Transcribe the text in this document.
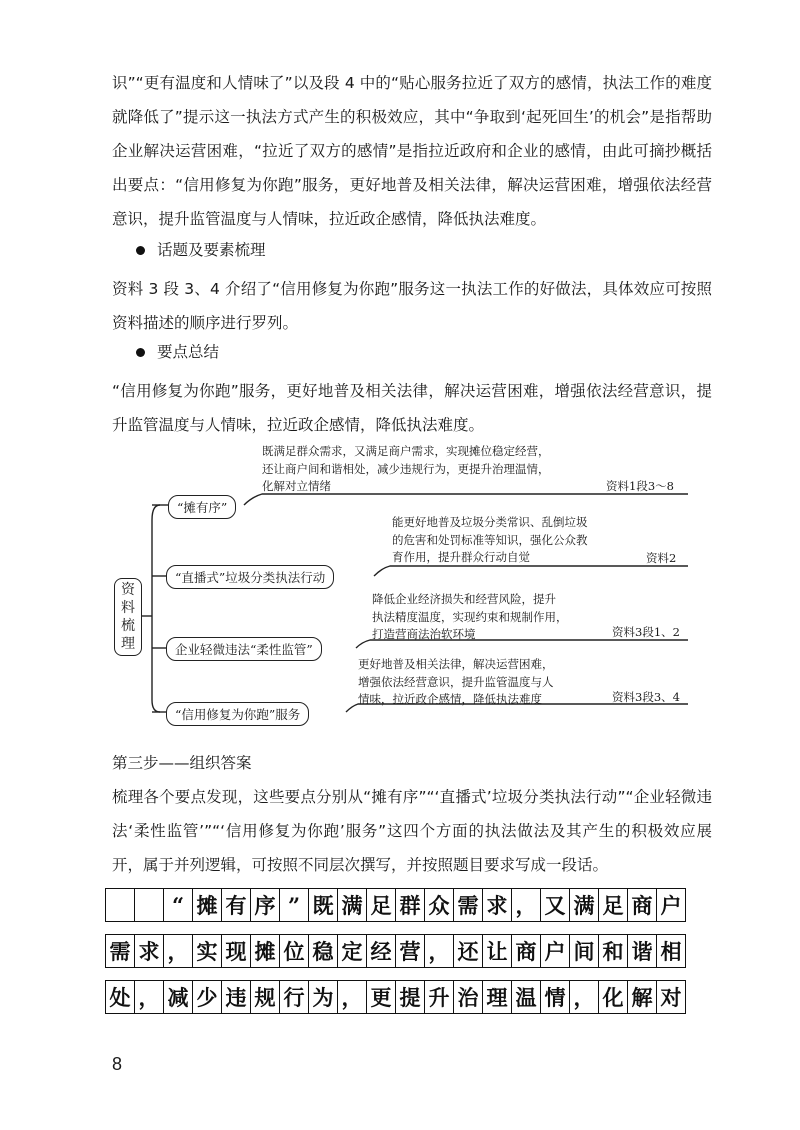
识”“更有温度和人情味了”以及段 4 中的“贴心服务拉近了双方的感情，执法工作的难度就降低了”提示这一执法方式产生的积极效应，其中“争取到‘起死回生’的机会”是指帮助企业解决运营困难，“拉近了双方的感情”是指拉近政府和企业的感情，由此可摘抄概括出要点：“信用修复为你跑”服务，更好地普及相关法律，解决运营困难，增强依法经营意识，提升监管温度与人情味，拉近政企感情，降低执法难度。

话题及要素梳理

资料 3 段 3、4 介绍了“信用修复为你跑”服务这一执法工作的好做法，具体效应可按照资料描述的顺序进行罗列。

要点总结

“信用修复为你跑”服务，更好地普及相关法律，解决运营困难，增强依法经营意识，提升监管温度与人情味，拉近政企感情，降低执法难度。

资
料
梳
理
既满足群众需求，又满足商户需求，实现摊位稳定经营，
还让商户间和谐相处，减少违规行为，更提升治理温情，
化解对立情绪	资料1段3～8
“摊有序”
能更好地普及垃圾分类常识、乱倒垃圾
的危害和处罚标准等知识，强化公众教
育作用，提升群众行动自觉	资料2
“直播式”垃圾分类执法行动
降低企业经济损失和经营风险，提升
执法精度温度，实现约束和规制作用，
打造营商法治软环境	资料3段1、2
企业轻微违法“柔性监管”
更好地普及相关法律，解决运营困难，
增强依法经营意识，提升监管温度与人
情味，拉近政企感情，降低执法难度	资料3段3、4
“信用修复为你跑”服务
第三步——组织答案

梳理各个要点发现，这些要点分别从“摊有序”“‘直播式’垃圾分类执法行动”“企业轻微违法‘柔性监管’”“‘信用修复为你跑’服务”这四个方面的执法做法及其产生的积极效应展开，属于并列逻辑，可按照不同层次撰写，并按照题目要求写成一段话。

“ 摊 有 序 ” 既 满 足 群 众 需 求 ， 又 满 足 商 户
需 求 ， 实 现 摊 位 稳 定 经 营 ， 还 让 商 户 间 和 谐 相
处 ， 减 少 违 规 行 为 ， 更 提 升 治 理 温 情 ， 化 解 对
8
